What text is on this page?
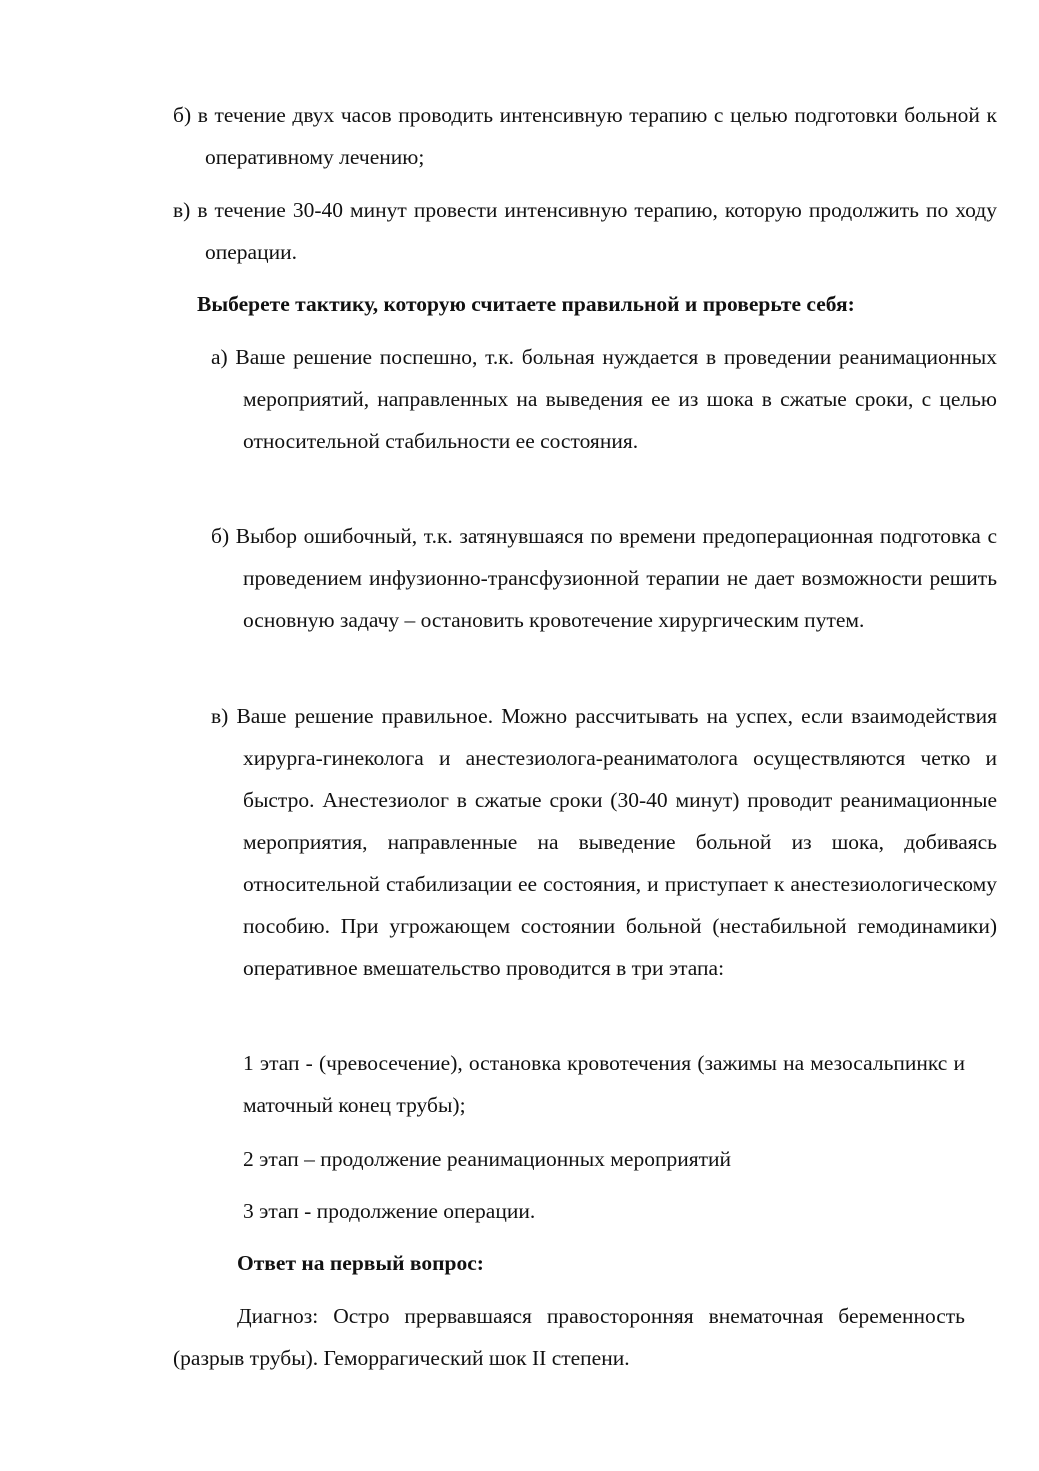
б) в течение двух часов проводить интенсивную терапию с целью подготовки больной к оперативному лечению;

в) в течение 30-40 минут провести интенсивную терапию, которую продолжить по ходу операции.

Выберете тактику, которую считаете правильной и проверьте себя:

а) Ваше решение поспешно, т.к. больная нуждается в проведении реанимационных мероприятий, направленных на выведения ее из шока в сжатые сроки, с целью относительной стабильности ее состояния.

б) Выбор ошибочный, т.к. затянувшаяся по времени предоперационная подготовка с проведением инфузионно-трансфузионной терапии не дает возможности решить основную задачу – остановить кровотечение хирургическим путем.

в) Ваше решение правильное. Можно рассчитывать на успех, если взаимодействия хирурга-гинеколога и анестезиолога-реаниматолога осуществляются четко и быстро. Анестезиолог в сжатые сроки (30-40 минут) проводит реанимационные мероприятия, направленные на выведение больной из шока, добиваясь относительной стабилизации ее состояния, и приступает к анестезиологическому пособию. При угрожающем состоянии больной (нестабильной гемодинамики) оперативное вмешательство проводится в три этапа:

1 этап - (чревосечение), остановка кровотечения (зажимы на мезосальпинкс и маточный конец трубы);

2 этап – продолжение реанимационных мероприятий

3 этап - продолжение операции.

Ответ на первый вопрос:

Диагноз: Остро прервавшаяся правосторонняя внематочная беременность (разрыв трубы). Геморрагический шок II степени.
